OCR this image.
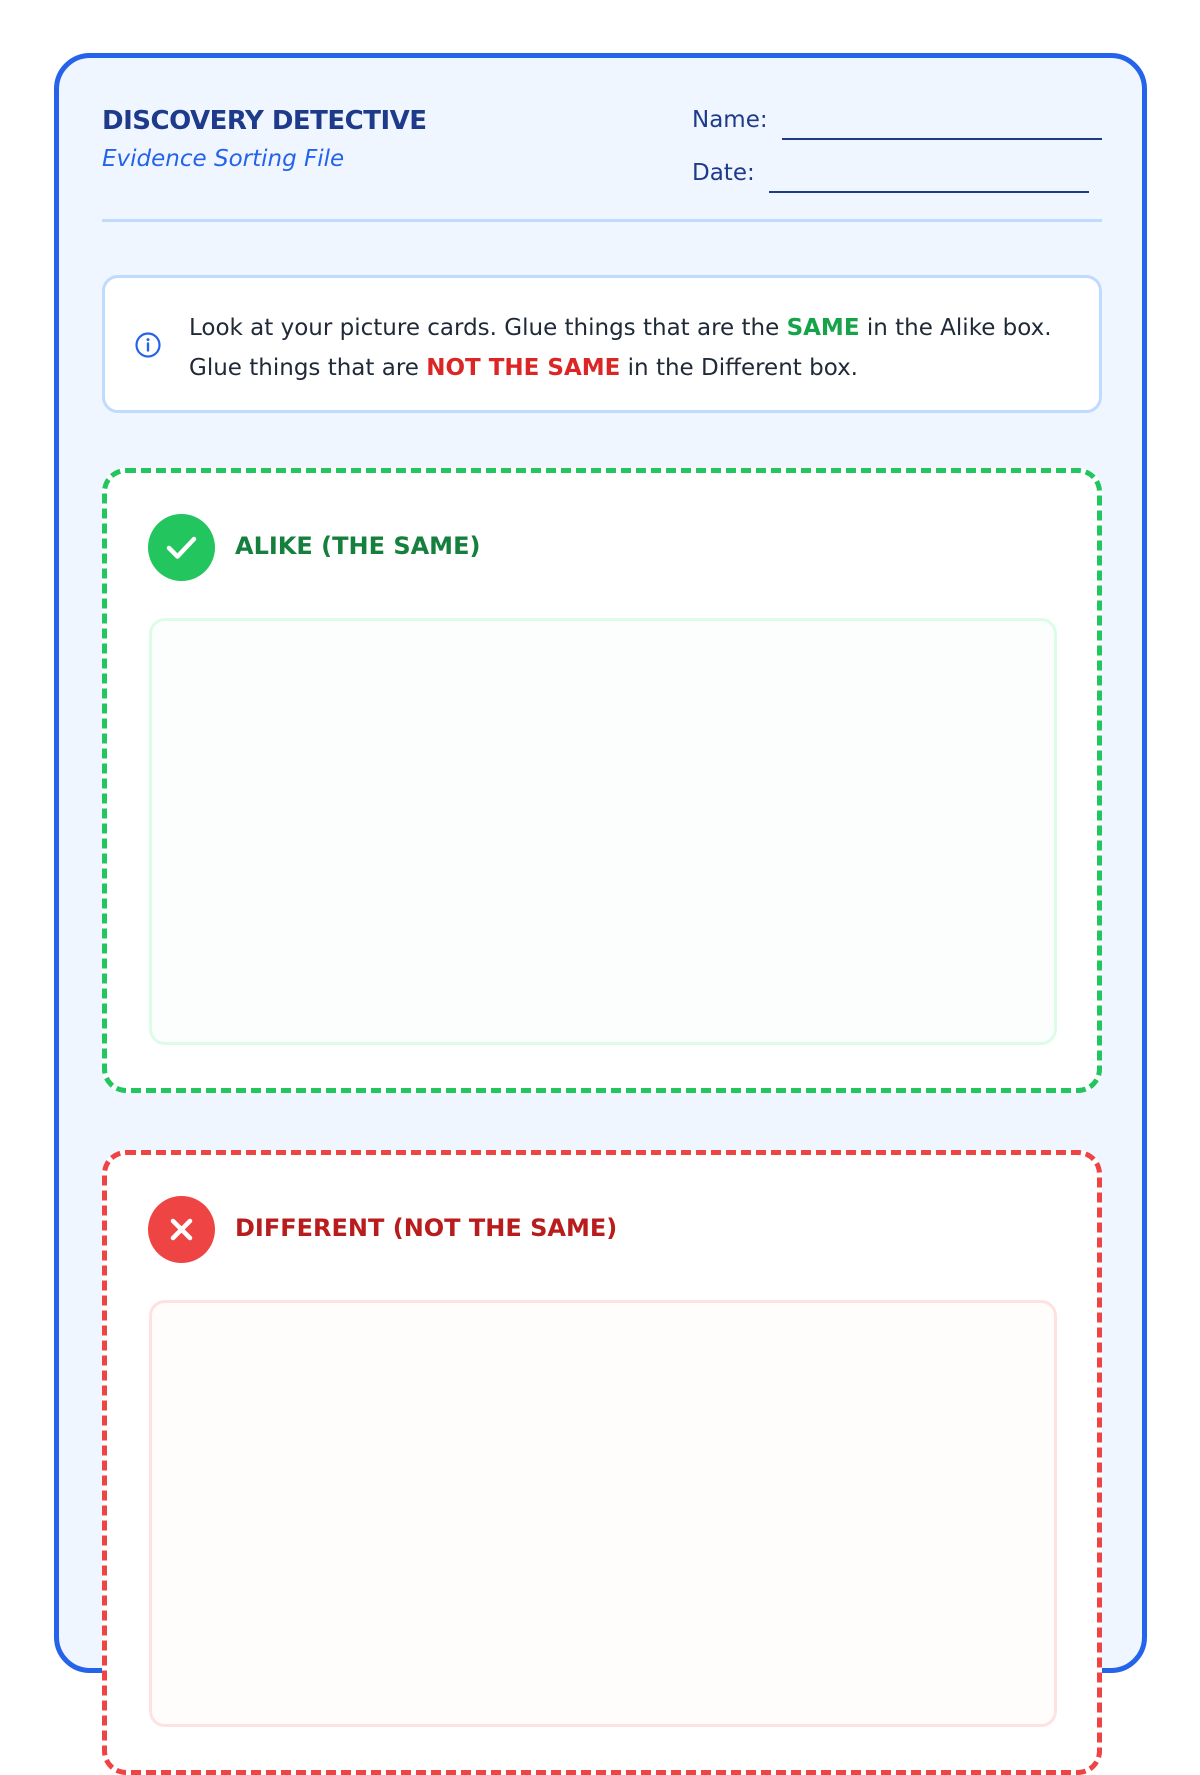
DISCOVERY DETECTIVE
Evidence Sorting File
Name:
Date:
Look at your picture cards. Glue things that are the SAME in the Alike box. Glue things that are NOT THE SAME in the Different box.
ALIKE (THE SAME)
DIFFERENT (NOT THE SAME)
